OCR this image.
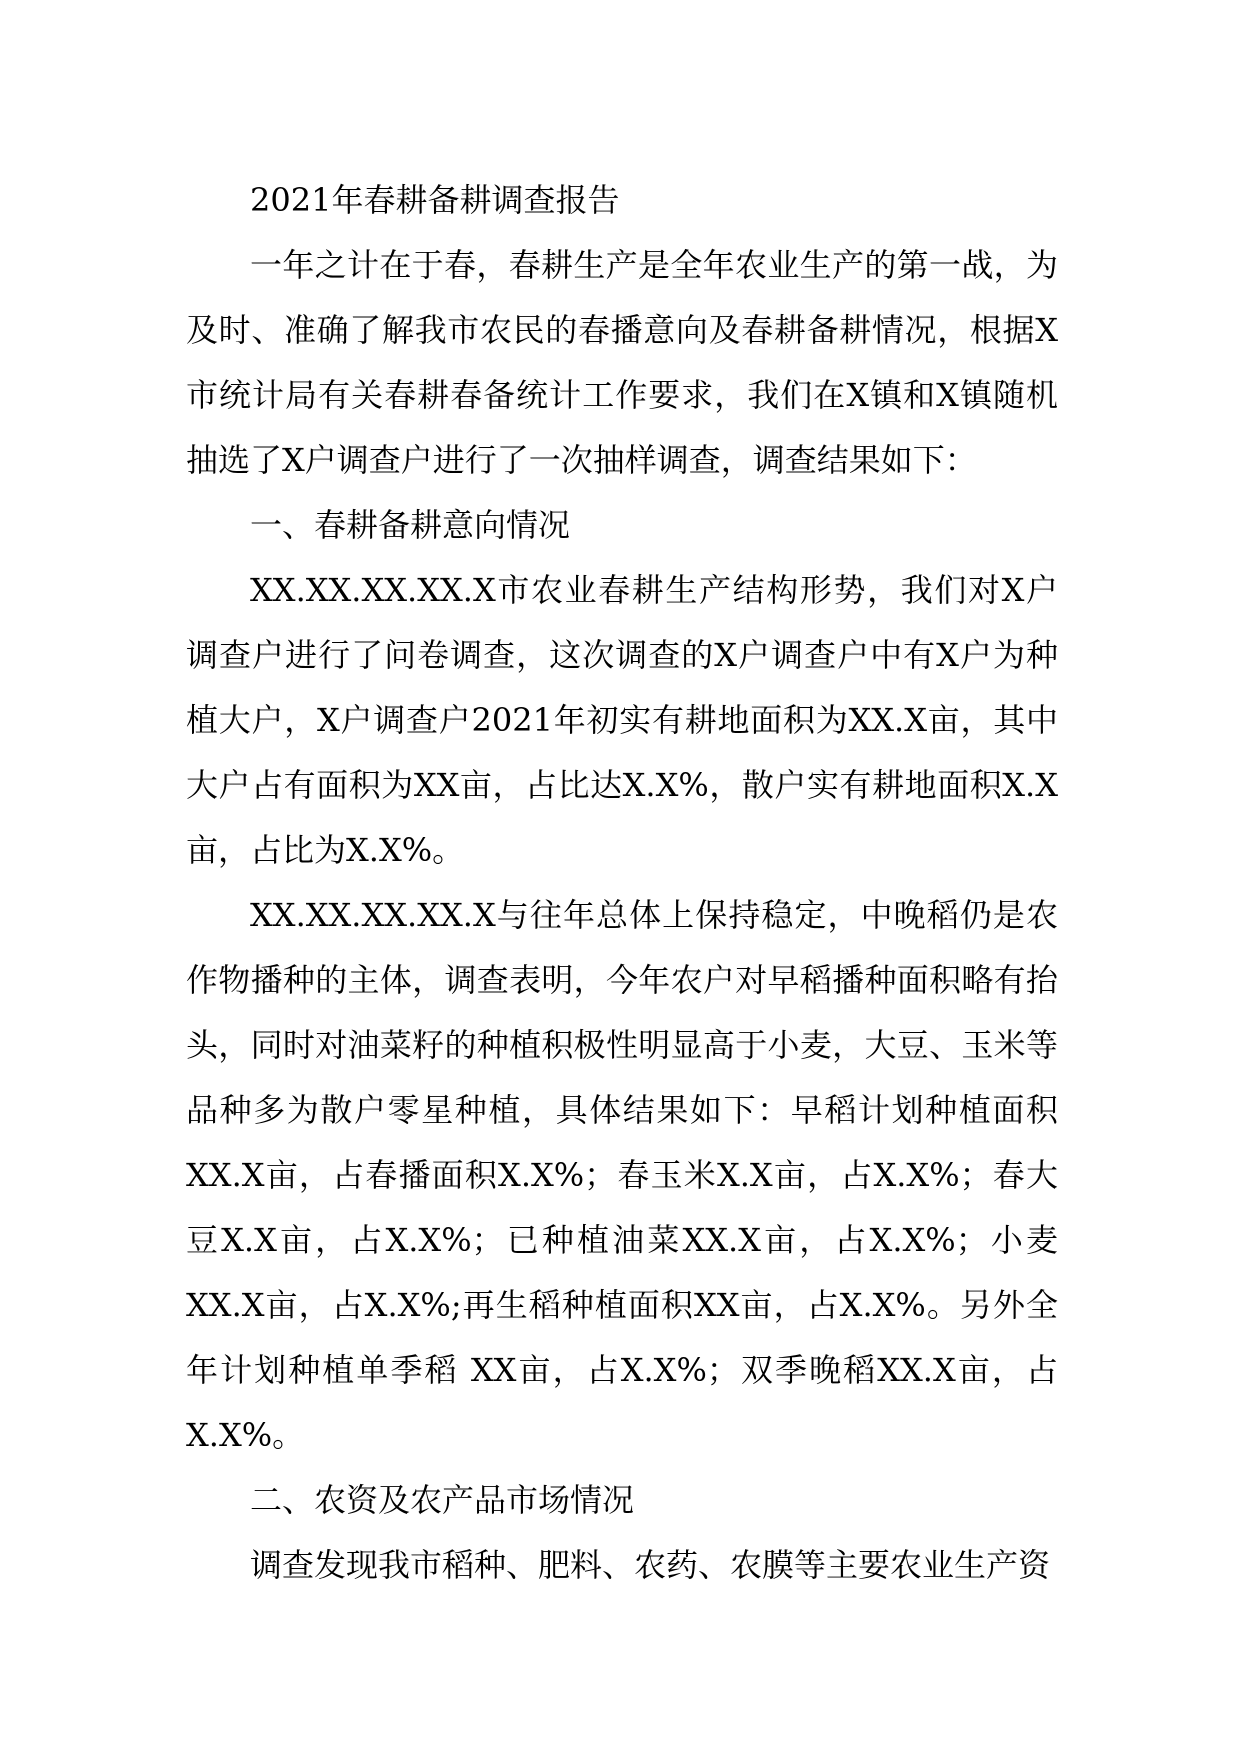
2021年春耕备耕调查报告

一年之计在于春，春耕生产是全年农业生产的第一战，为及时、准确了解我市农民的春播意向及春耕备耕情况，根据X市统计局有关春耕春备统计工作要求，我们在X镇和X镇随机抽选了X户调查户进行了一次抽样调查，调查结果如下：

一、春耕备耕意向情况

XX.XX.XX.XX.X市农业春耕生产结构形势，我们对X户调查户进行了问卷调查，这次调查的X户调查户中有X户为种植大户，X户调查户2021年初实有耕地面积为XX.X亩，其中大户占有面积为XX亩，占比达X.X%，散户实有耕地面积X.X亩，占比为X.X%。

XX.XX.XX.XX.X与往年总体上保持稳定，中晚稻仍是农作物播种的主体，调查表明，今年农户对早稻播种面积略有抬头，同时对油菜籽的种植积极性明显高于小麦，大豆、玉米等品种多为散户零星种植，具体结果如下：早稻计划种植面积XX.X亩，占春播面积X.X%；春玉米X.X亩，占X.X%；春大豆X.X亩，占X.X%；已种植油菜XX.X亩，占X.X%；小麦XX.X亩，占X.X%;再生稻种植面积XX亩，占X.X%。另外全年计划种植单季稻 XX亩，占X.X%；双季晚稻XX.X亩，占X.X%。

二、农资及农产品市场情况

调查发现我市稻种、肥料、农药、农膜等主要农业生产资
